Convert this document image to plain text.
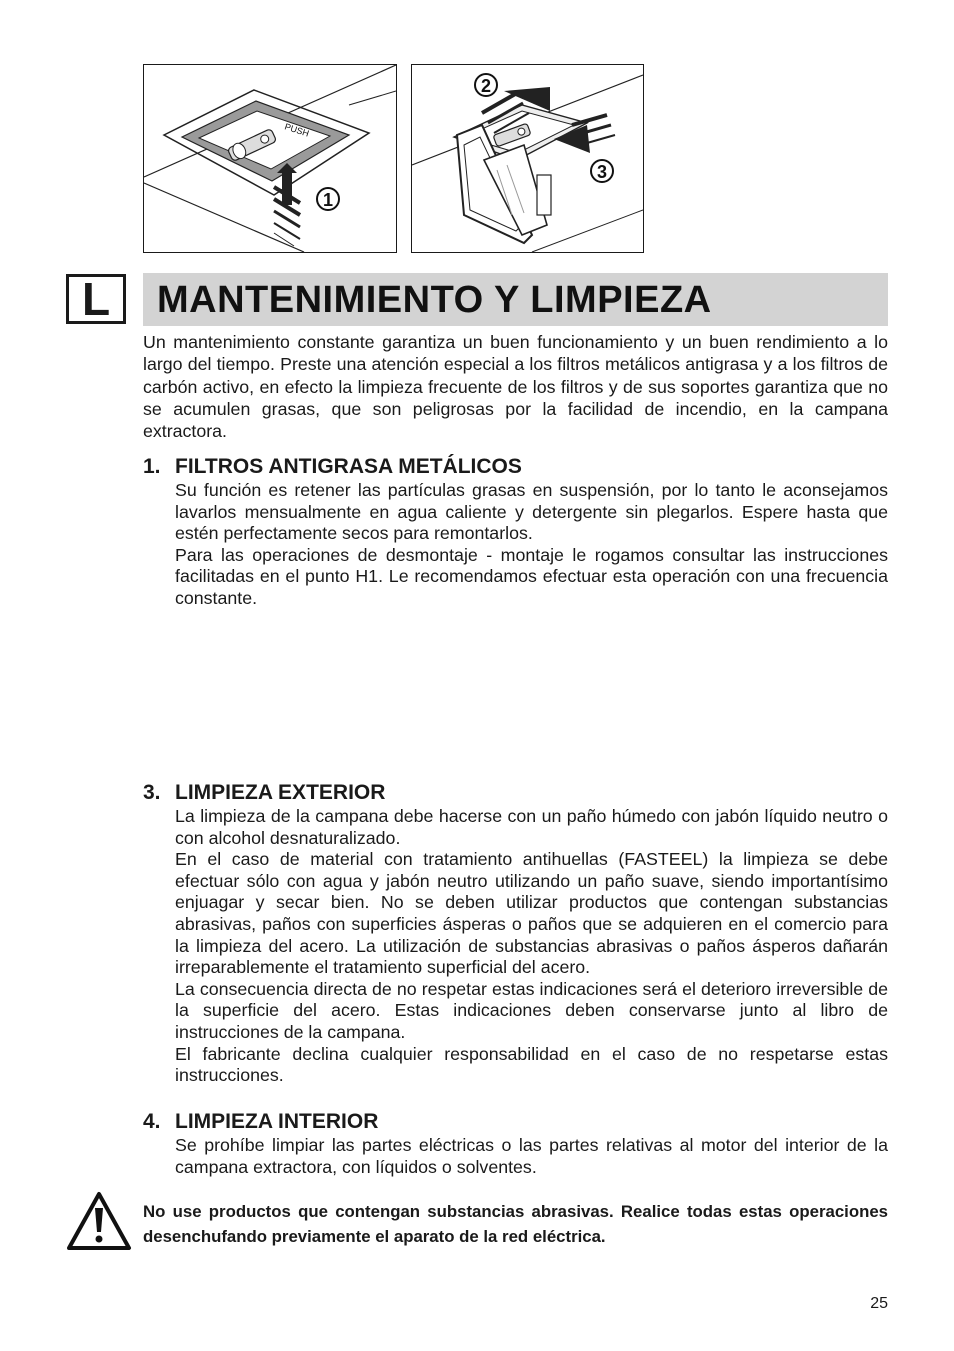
PUSH
1
2
3
L	MANTENIMIENTO Y LIMPIEZA

Un mantenimiento constante garantiza un buen funcionamiento y un buen rendimiento a lo largo del tiempo. Preste una atención especial a los filtros metálicos antigrasa y a los filtros de carbón activo, en efecto la limpieza frecuente de los filtros y de sus soportes garantiza que no se acumulen grasas, que son peligrosas por la facilidad de incendio, en la campana extractora.

1. FILTROS ANTIGRASA METÁLICOS

Su función es retener las partículas grasas en suspensión, por lo tanto le aconsejamos lavarlos mensualmente en agua caliente y detergente sin plegarlos. Espere hasta que estén perfectamente secos para remontarlos.

Para las operaciones de desmontaje - montaje le rogamos consultar las instrucciones facilitadas en el punto H1. Le recomendamos efectuar esta operación con una frecuencia constante.

3. LIMPIEZA EXTERIOR

La limpieza de la campana debe hacerse con un paño húmedo con jabón líquido neutro o con alcohol desnaturalizado.

En el caso de material con tratamiento antihuellas (FASTEEL) la limpieza se debe efectuar sólo con agua y jabón neutro utilizando un paño suave, siendo importantísimo enjuagar y secar bien. No se deben utilizar productos que contengan substancias abrasivas, paños con superficies ásperas o paños que se adquieren en el comercio para la limpieza del acero. La utilización de substancias abrasivas o paños ásperos dañarán irreparablemente el tratamiento superficial del acero.

La consecuencia directa de no respetar estas indicaciones será el deterioro irreversible de la superficie del acero. Estas indicaciones deben conservarse junto al libro de instrucciones de la campana.

El fabricante declina cualquier responsabilidad en el caso de no respetarse estas instrucciones.

4. LIMPIEZA INTERIOR

Se prohíbe limpiar las partes eléctricas o las partes relativas al motor del interior de la campana extractora, con líquidos o solventes.

No use productos que contengan substancias abrasivas. Realice todas estas operaciones desenchufando previamente el aparato de la red eléctrica.

25
